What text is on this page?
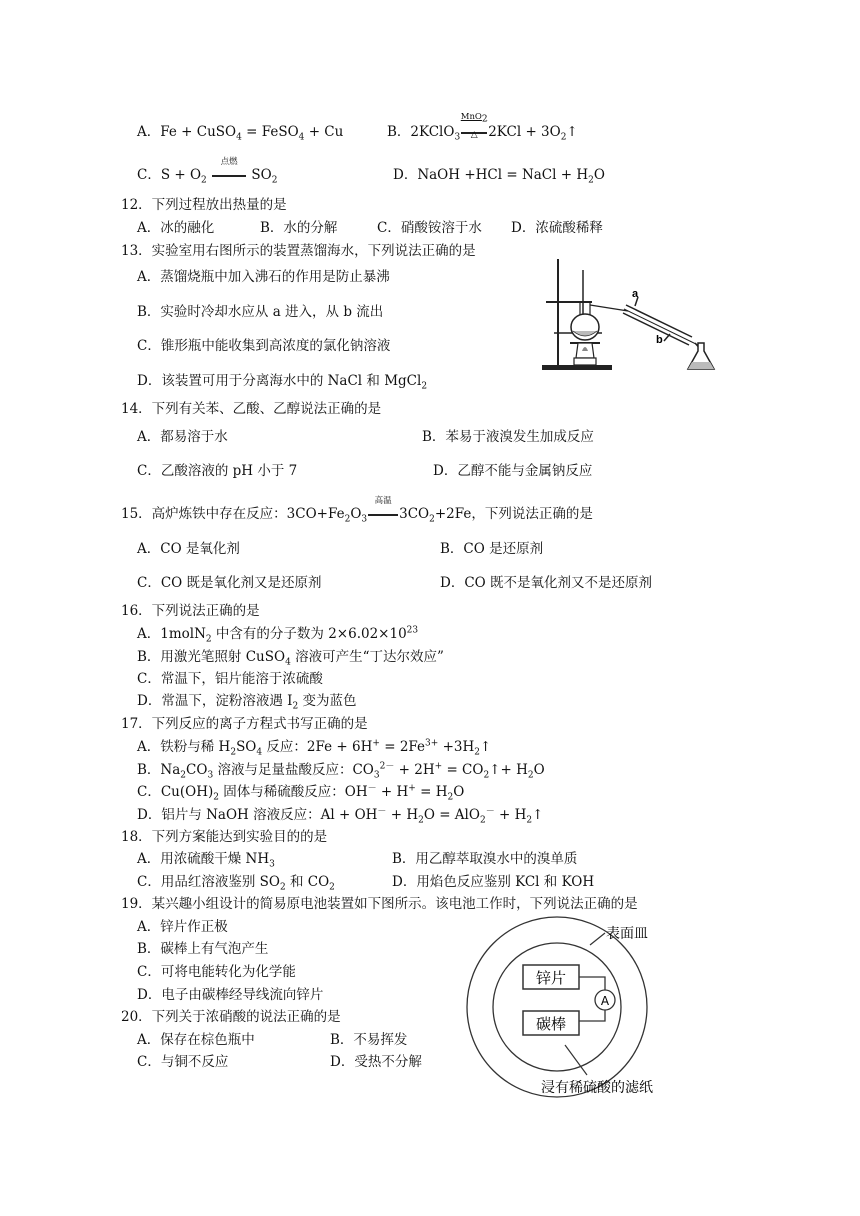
A．Fe + CuSO$_4$ = FeSO$_4$ + Cu	B．2KClO$_3$
MnO$_2$
△ $2KCl + 3O_2↑$
C．$S + O_2$
点燃
$SO_2$	D．NaOH +HCl = NaCl + $H_2O$
12．下列过程放出热量的是
A．冰的融化	B．水的分解	C．硝酸铵溶于水 D．浓硫酸稀释
13．实验室用右图所示的装置蒸馏海水，下列说法正确的是
A．蒸馏烧瓶中加入沸石的作用是防止暴沸
B．实验时冷却水应从 a 进入，从 b 流出
C．锥形瓶中能收集到高浓度的氯化钠溶液
D．该装置可用于分离海水中的 NaCl 和 MgCl$_2$
a
b
14．下列有关苯、乙酸、乙醇说法正确的是
A．都易溶于水	B．苯易于液溴发生加成反应
C．乙酸溶液的 pH 小于 7	D．乙醇不能与金属钠反应
15．高炉炼铁中存在反应：$3CO+Fe_2O_3$
高温
$3CO_2+2Fe$，下列说法正确的是
A．CO 是氧化剂	B．CO 是还原剂
C．CO 既是氧化剂又是还原剂	D．CO 既不是氧化剂又不是还原剂
16．下列说法正确的是
A．1molN$_2$ 中含有的分子数为 $2\times 6.02\times 10^{23}$
B．用激光笔照射 CuSO$_4$ 溶液可产生“丁达尔效应”
C．常温下，铝片能溶于浓硫酸
D．常温下，淀粉溶液遇 $I_2$ 变为蓝色
17．下列反应的离子方程式书写正确的是
A．铁粉与稀 $H_2SO_4$ 反应：$2Fe + 6H^+ = 2Fe^{3+}$ $+3H_2↑$
B．$Na_2CO_3$ 溶液与足量盐酸反应：$CO_3^{2-} + 2H^+$ = $CO_2↑+ H_2O$
C．$Cu(OH)_2$ 固体与稀硫酸反应：$OH^- + H^+ = H_2O$
D．铝片与 NaOH 溶液反应：$Al + OH^- + H_2O = AlO_2^-$ + $H_2↑$
18．下列方案能达到实验目的的是
A．用浓硫酸干燥 $NH_3$	B．用乙醇萃取溴水中的溴单质
C．用品红溶液鉴别 $SO_2$ 和 $CO_2$	D．用焰色反应鉴别 KCl 和 KOH
19．某兴趣小组设计的简易原电池装置如下图所示。该电池工作时，下列说法正确的是
A．锌片作正极
B．碳棒上有气泡产生
C．可将电能转化为化学能
D．电子由碳棒经导线流向锌片
20．下列关于浓硝酸的说法正确的是
A．保存在棕色瓶中	B．不易挥发
C．与铜不反应	D．受热不分解
A
锌片
碳棒
表面皿
浸有稀硫酸的滤纸
